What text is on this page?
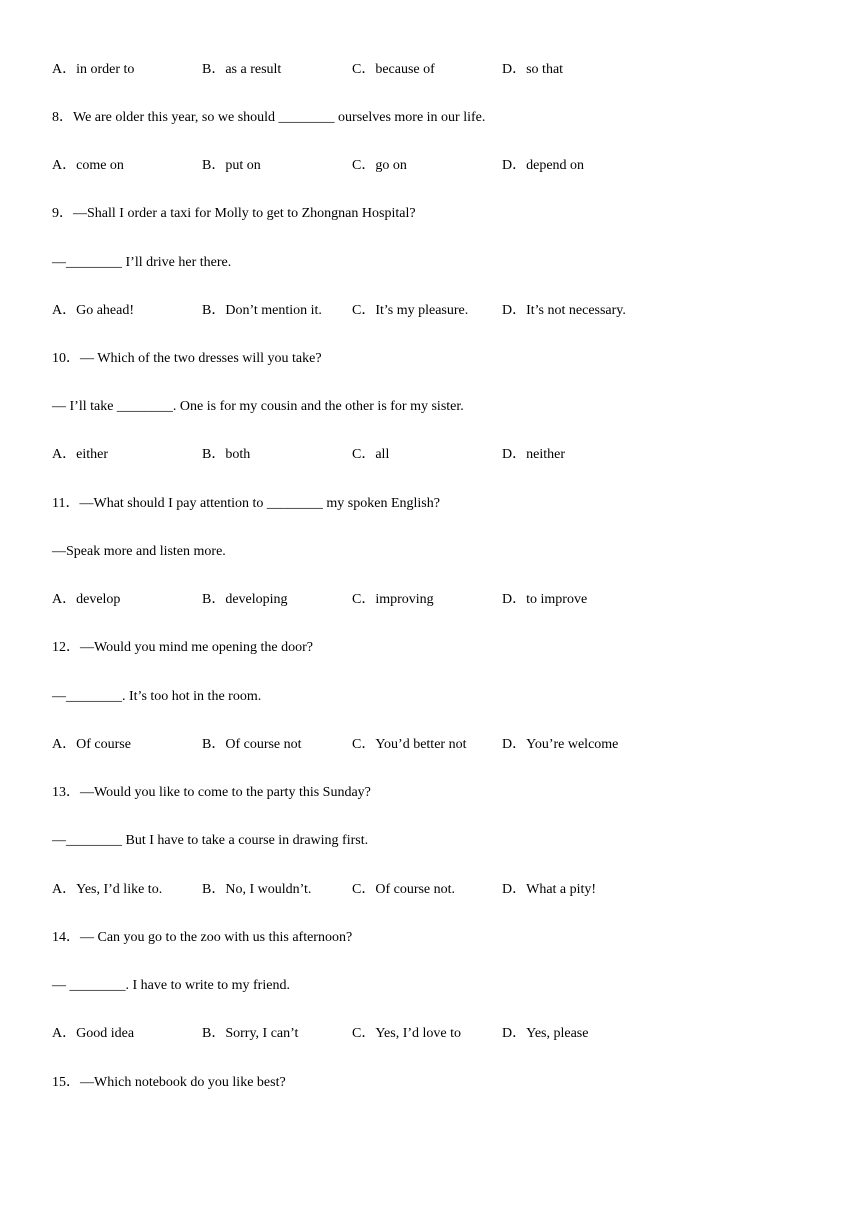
A．in order to	B．as a result	C．because of	D．so that
8．We are older this year, so we should ________ ourselves more in our life.
A．come on	B．put on	C．go on	D．depend on
9．—Shall I order a taxi for Molly to get to Zhongnan Hospital?
—________ I’ll drive her there.
A．Go ahead!	B．Don’t mention it. C．It’s my pleasure. D．It’s not necessary.
10．— Which of the two dresses will you take?
— I’ll take ________. One is for my cousin and the other is for my sister.
A．either	B．both	C．all	D．neither
11．—What should I pay attention to ________ my spoken English?
—Speak more and listen more.
A．develop	B．developing	C．improving	D．to improve
12．—Would you mind me opening the door?
—________. It’s too hot in the room.
A．Of course	B．Of course not	C．You’d better not	D．You’re welcome
13．—Would you like to come to the party this Sunday?
—________ But I have to take a course in drawing first.
A．Yes, I’d like to.	B．No, I wouldn’t.	C．Of course not.	D．What a pity!
14．— Can you go to the zoo with us this afternoon?
— ________. I have to write to my friend.
A．Good idea	B．Sorry, I can’t	C．Yes, I’d love to	D．Yes, please
15．—Which notebook do you like best?
